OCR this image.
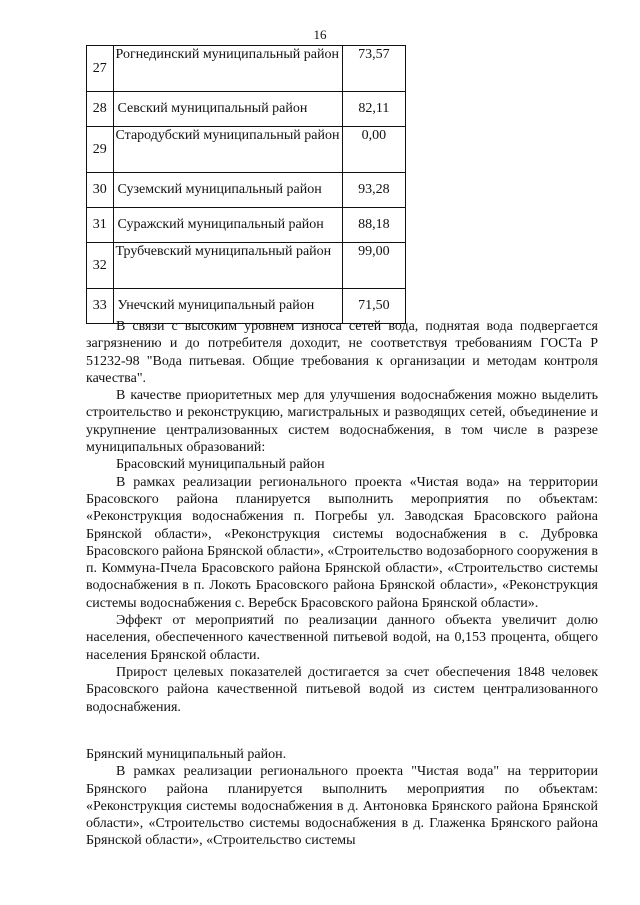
16
27	Рогнединский муниципальный район	73,57
28	Севский муниципальный район	82,11
29	Стародубский муниципальный район	0,00
30	Суземский муниципальный район	93,28
31	Суражский муниципальный район	88,18
32	Трубчевский муниципальный район	99,00
33	Унечский муниципальный район	71,50

В связи с высоким уровнем износа сетей вода, поднятая вода подвергается загрязнению и до потребителя доходит, не соответствуя требованиям ГОСТа Р 51232-98 "Вода питьевая. Общие требования к организации и методам контроля качества".

В качестве приоритетных мер для улучшения водоснабжения можно выделить строительство и реконструкцию, магистральных и разводящих сетей, объединение и укрупнение централизованных систем водоснабжения, в том числе в разрезе муниципальных образований:

Брасовский муниципальный район

В рамках реализации регионального проекта «Чистая вода» на территории Брасовского района планируется выполнить мероприятия по объектам: «Реконструкция водоснабжения п. Погребы ул. Заводская Брасовского района Брянской области», «Реконструкция системы водоснабжения в с. Дубровка Брасовского района Брянской области», «Строительство водозаборного сооружения в п. Коммуна-Пчела Брасовского района Брянской области», «Строительство системы водоснабжения в п. Локоть Брасовского района Брянской области», «Реконструкция системы водоснабжения с. Веребск Брасовского района Брянской области».

Эффект от мероприятий по реализации данного объекта увеличит долю населения, обеспеченного качественной питьевой водой, на 0,153 процента, общего населения Брянской области.

Прирост целевых показателей достигается за счет обеспечения 1848 человек Брасовского района качественной питьевой водой из систем централизованного водоснабжения.

Брянский муниципальный район.

В рамках реализации регионального проекта "Чистая вода" на территории Брянского района планируется выполнить мероприятия по объектам: «Реконструкция системы водоснабжения в д. Антоновка Брянского района Брянской области», «Строительство системы водоснабжения в д. Глаженка Брянского района Брянской области», «Строительство системы
